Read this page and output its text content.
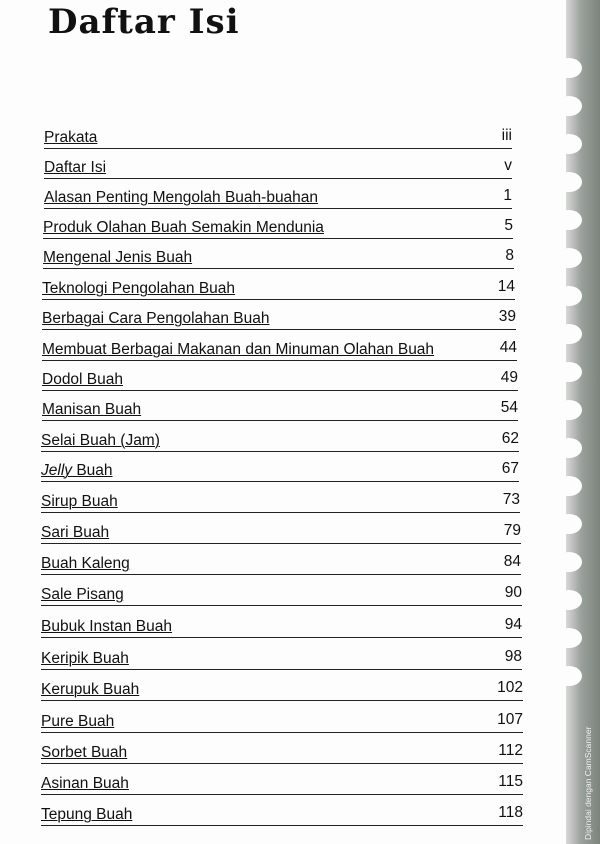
Daftar Isi
Prakata	iii
Daftar Isi	v
Alasan Penting Mengolah Buah-buahan	1
Produk Olahan Buah Semakin Mendunia	5
Mengenal Jenis Buah	8
Teknologi Pengolahan Buah	14
Berbagai Cara Pengolahan Buah	39
Membuat Berbagai Makanan dan Minuman Olahan Buah	44
Dodol Buah	49
Manisan Buah	54
Selai Buah (Jam)	62
Jelly Buah	67
Sirup Buah	73
Sari Buah	79
Buah Kaleng	84
Sale Pisang	90
Bubuk Instan Buah	94
Keripik Buah	98
Kerupuk Buah	102
Pure Buah	107
Sorbet Buah	112
Asinan Buah	115
Tepung Buah	118	Dipindai dengan CamScanner
